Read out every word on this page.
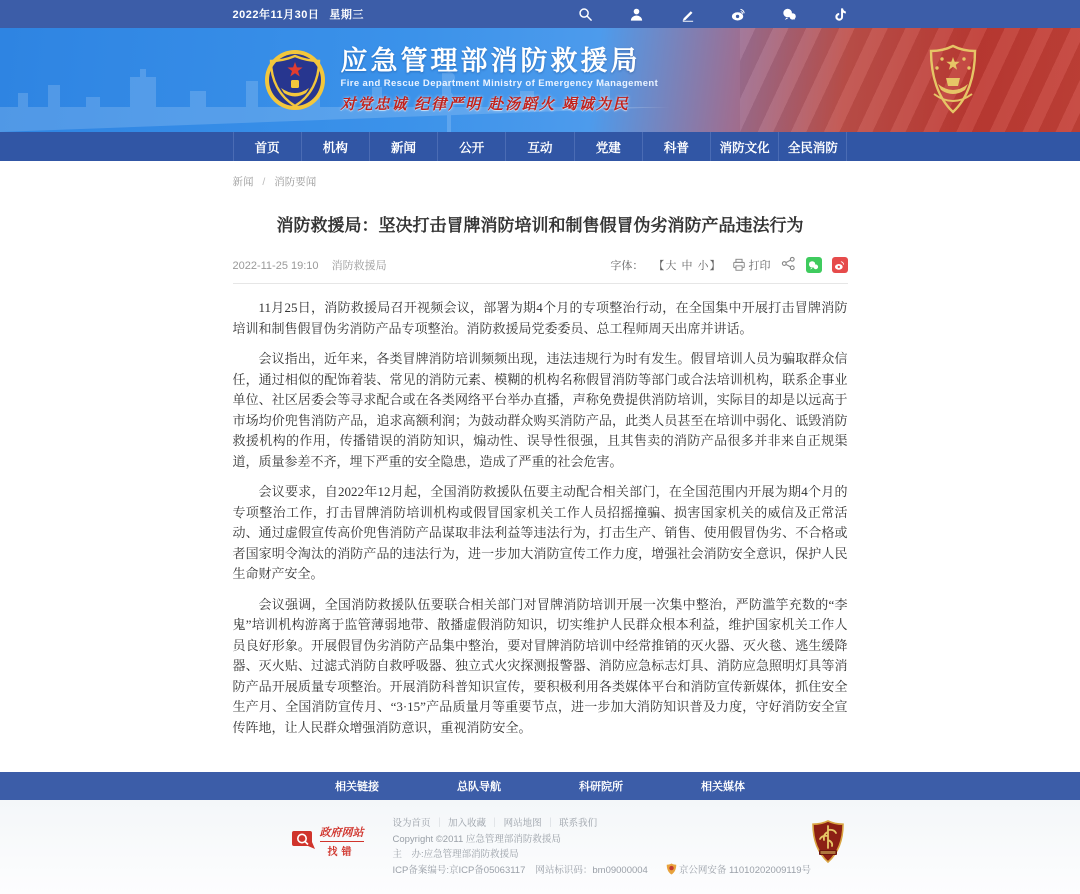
2022年11月30日 星期三
应急管理部消防救援局
Fire and Rescue Department Ministry of Emergency Management
对党忠诚 纪律严明 赴汤蹈火 竭诚为民
首页	机构	新闻	公开	互动	党建	科普	消防文化	全民消防
新闻 / 消防要闻
消防救援局：坚决打击冒牌消防培训和制售假冒伪劣消防产品违法行为
2022-11-25 19:10 消防救援局	字体： 【大 中 小】 打印

11月25日，消防救援局召开视频会议，部署为期4个月的专项整治行动，在全国集中开展打击冒牌消防培训和制售假冒伪劣消防产品专项整治。消防救援局党委委员、总工程师周天出席并讲话。

会议指出，近年来，各类冒牌消防培训频频出现，违法违规行为时有发生。假冒培训人员为骗取群众信任，通过相似的配饰着装、常见的消防元素、模糊的机构名称假冒消防等部门或合法培训机构，联系企事业单位、社区居委会等寻求配合或在各类网络平台举办直播，声称免费提供消防培训，实际目的却是以远高于市场均价兜售消防产品，追求高额利润；为鼓动群众购买消防产品，此类人员甚至在培训中弱化、诋毁消防救援机构的作用，传播错误的消防知识，煽动性、误导性很强，且其售卖的消防产品很多并非来自正规渠道，质量参差不齐，埋下严重的安全隐患，造成了严重的社会危害。

会议要求，自2022年12月起，全国消防救援队伍要主动配合相关部门，在全国范围内开展为期4个月的专项整治工作，打击冒牌消防培训机构或假冒国家机关工作人员招摇撞骗、损害国家机关的威信及正常活动、通过虚假宣传高价兜售消防产品谋取非法利益等违法行为，打击生产、销售、使用假冒伪劣、不合格或者国家明令淘汰的消防产品的违法行为，进一步加大消防宣传工作力度，增强社会消防安全意识，保护人民生命财产安全。

会议强调，全国消防救援队伍要联合相关部门对冒牌消防培训开展一次集中整治，严防滥竽充数的“李鬼”培训机构游离于监管薄弱地带、散播虚假消防知识，切实维护人民群众根本利益，维护国家机关工作人员良好形象。开展假冒伪劣消防产品集中整治，要对冒牌消防培训中经常推销的灭火器、灭火毯、逃生缓降器、灭火贴、过滤式消防自救呼吸器、独立式火灾探测报警器、消防应急标志灯具、消防应急照明灯具等消防产品开展质量专项整治。开展消防科普知识宣传，要积极利用各类媒体平台和消防宣传新媒体，抓住安全生产月、全国消防宣传月、“3·15”产品质量月等重要节点，进一步加大消防知识普及力度，守好消防安全宣传阵地，让人民群众增强消防意识，重视消防安全。

相关链接	总队导航	科研院所	相关媒体
政府网站
找错
设为首页 ｜ 加入收藏 ｜ 网站地图 ｜ 联系我们
Copyright ©2011 应急管理部消防救援局
主　办:应急管理部消防救援局
ICP备案编号:京ICP备05063117 网站标识码：bm09000004	京公网安备 11010202009119号
